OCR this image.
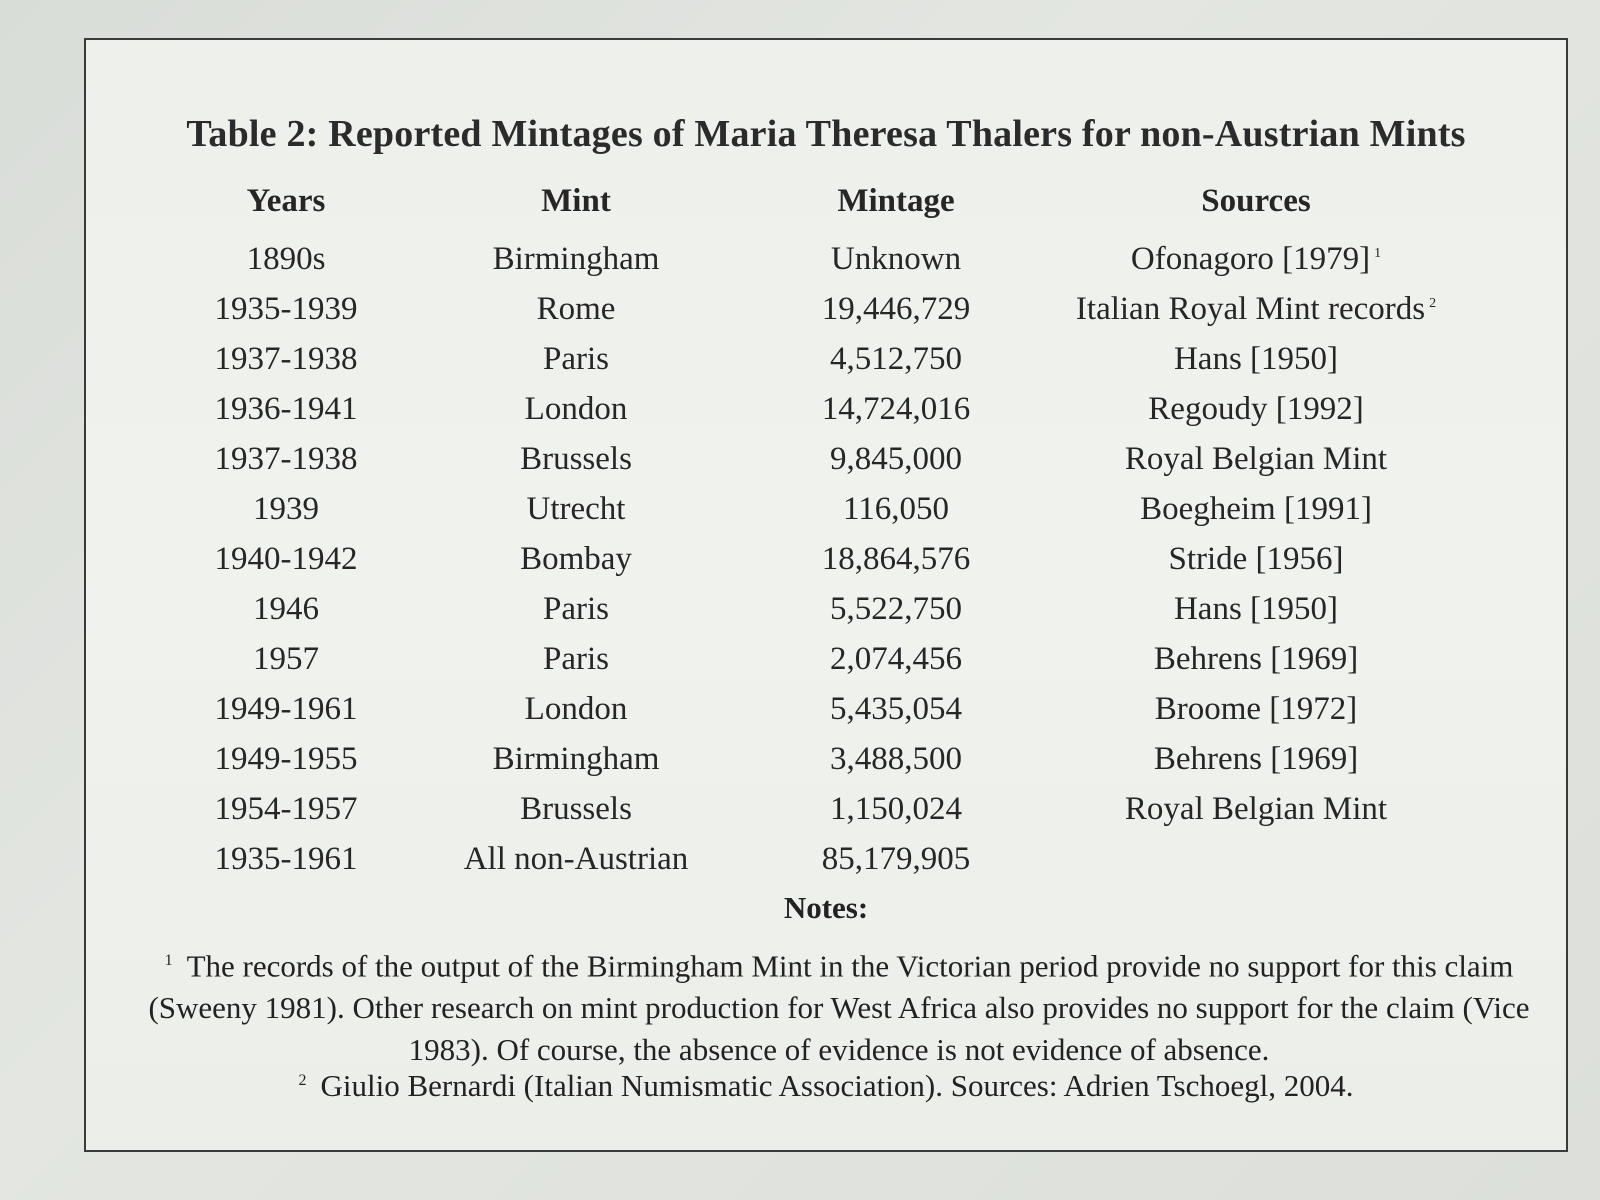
Table 2: Reported Mintages of Maria Theresa Thalers for non-Austrian Mints
Years	Mint	Mintage	Sources
1890s	Birmingham	Unknown	Ofonagoro [1979] $^1$
1935-1939	Rome	19,446,729	Italian Royal Mint records $^2$
1937-1938	Paris	4,512,750	Hans [1950]
1936-1941	London	14,724,016	Regoudy [1992]
1937-1938	Brussels	9,845,000	Royal Belgian Mint
1939	Utrecht	116,050	Boegheim [1991]
1940-1942	Bombay	18,864,576	Stride [1956]
1946	Paris	5,522,750	Hans [1950]
1957	Paris	2,074,456	Behrens [1969]
1949-1961	London	5,435,054	Broome [1972]
1949-1955	Birmingham	3,488,500	Behrens [1969]
1954-1957	Brussels	1,150,024	Royal Belgian Mint
1935-1961	All non-Austrian	85,179,905
Notes:
$^1$ The records of the output of the Birmingham Mint in the Victorian period provide no support for this claim (Sweeny 1981). Other research on mint production for West Africa also provides no support for the claim (Vice 1983). Of course, the absence of evidence is not evidence of absence.
$^2$ Giulio Bernardi (Italian Numismatic Association). Sources: Adrien Tschoegl, 2004.
